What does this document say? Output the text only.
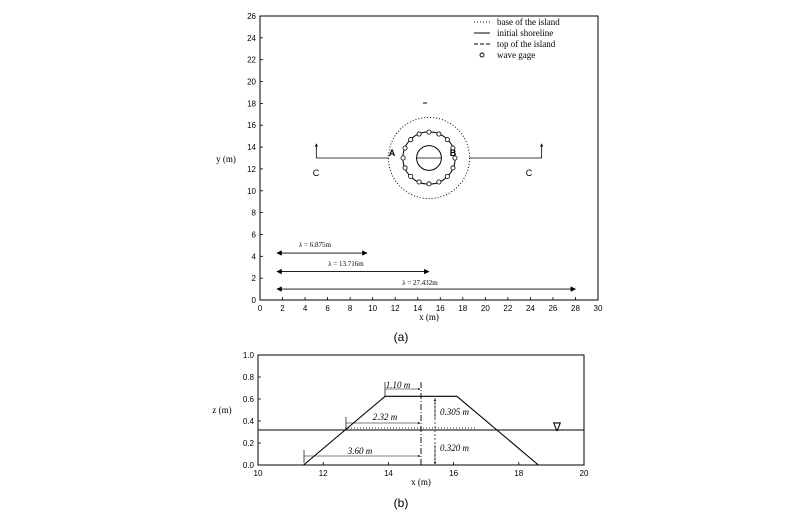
0 2 4 6 8 10 12 14 16 18 20 22 24 26 28 30
0
2
4
6
8
10
12
14
16
18
20
22
24
26
x (m)
y (m)
base of the island
initial shoreline
top of the island
wave gage
A	B
C	C
λ = 6.875m
λ = 13.716m
λ = 27.432m
(a)
10	12	14	16	18	20
0.0
0.2
0.4
0.6
0.8
1.0
x (m)
z (m)
∇
1.10 m
2.32 m
3.60 m
0.305 m
0.320 m
(b)
